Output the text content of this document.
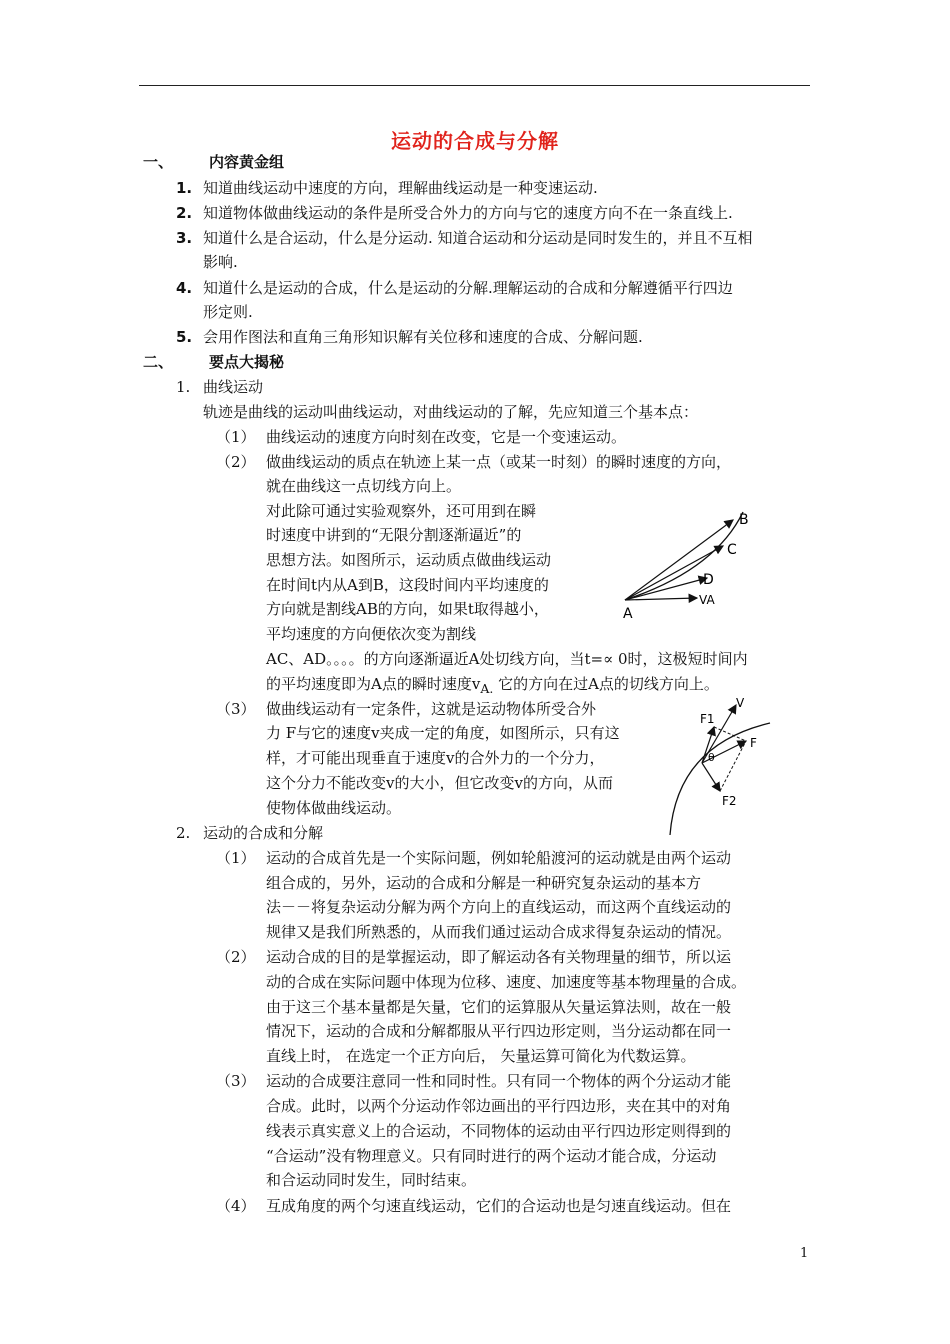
运动的合成与分解
一、 内容黄金组
1. 知道曲线运动中速度的方向，理解曲线运动是一种变速运动.
2. 知道物体做曲线运动的条件是所受合外力的方向与它的速度方向不在一条直线上.
3. 知道什么是合运动，什么是分运动. 知道合运动和分运动是同时发生的，并且不互相
影响.
4. 知道什么是运动的合成，什么是运动的分解.理解运动的合成和分解遵循平行四边
形定则.
5. 会用作图法和直角三角形知识解有关位移和速度的合成、分解问题.
二、 要点大揭秘
1. 曲线运动
轨迹是曲线的运动叫曲线运动，对曲线运动的了解，先应知道三个基本点：
（1） 曲线运动的速度方向时刻在改变，它是一个变速运动。
（2） 做曲线运动的质点在轨迹上某一点（或某一时刻）的瞬时速度的方向，
就在曲线这一点切线方向上。
对此除可通过实验观察外，还可用到在瞬
时速度中讲到的“无限分割逐渐逼近”的
思想方法。如图所示，运动质点做曲线运动
在时间t内从A到B，这段时间内平均速度的
方向就是割线AB的方向，如果t取得越小，
平均速度的方向便依次变为割线
AC、AD。。。。的方向逐渐逼近A处切线方向，当t=∝ 0时，这极短时间内
的平均速度即为A点的瞬时速度$v_{A.}$ 它的方向在过A点的切线方向上。
A
B
C
D
VA
（3） 做曲线运动有一定条件，这就是运动物体所受合外
力 F与它的速度v夹成一定的角度，如图所示，只有这
样，才可能出现垂直于速度v的合外力的一个分力，
这个分力不能改变v的大小，但它改变v的方向，从而
使物体做曲线运动。
V
F1
F
F2
θ
2. 运动的合成和分解
（1） 运动的合成首先是一个实际问题，例如轮船渡河的运动就是由两个运动
组合成的，另外，运动的合成和分解是一种研究复杂运动的基本方
法－－将复杂运动分解为两个方向上的直线运动，而这两个直线运动的
规律又是我们所熟悉的，从而我们通过运动合成求得复杂运动的情况。
（2） 运动合成的目的是掌握运动，即了解运动各有关物理量的细节，所以运
动的合成在实际问题中体现为位移、速度、加速度等基本物理量的合成。
由于这三个基本量都是矢量，它们的运算服从矢量运算法则，故在一般
情况下，运动的合成和分解都服从平行四边形定则，当分运动都在同一
直线上时， 在选定一个正方向后， 矢量运算可简化为代数运算。
（3） 运动的合成要注意同一性和同时性。只有同一个物体的两个分运动才能
合成。此时，以两个分运动作邻边画出的平行四边形，夹在其中的对角
线表示真实意义上的合运动，不同物体的运动由平行四边形定则得到的
“合运动”没有物理意义。只有同时进行的两个运动才能合成，分运动
和合运动同时发生，同时结束。
（4） 互成角度的两个匀速直线运动，它们的合运动也是匀速直线运动。但在
1
